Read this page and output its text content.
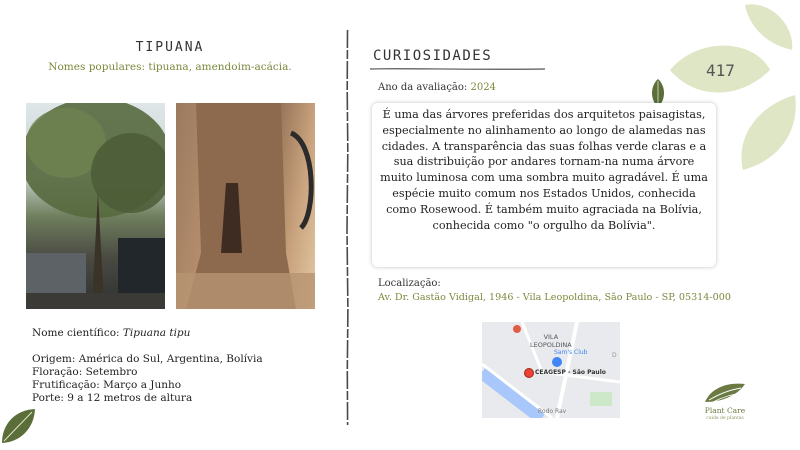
417
TIPUANA
Nomes populares: tipuana, amendoim-acácia.
Nome científico: Tipuana tipu
Origem: América do Sul, Argentina, Bolívia
Floração: Setembro
Frutificação: Março a Junho
Porte: 9 a 12 metros de altura
CURIOSIDADES
Ano da avaliação: 2024

É uma das árvores preferidas dos arquitetos paisagistas, especialmente no alinhamento ao longo de alamedas nas cidades. A transparência das suas folhas verde claras e a sua distribuição por andares tornam-na numa árvore muito luminosa com uma sombra muito agradável. É uma espécie muito comum nos Estados Unidos, conhecida como Rosewood. É também muito agraciada na Bolívia, conhecida como "o orgulho da Bolívia".

Localização:
Av. Dr. Gastão Vidigal, 1946 - Vila Leopoldina, São Paulo - SP, 05314-000
VILA
LEOPOLDINA
Sam's Club	D
CEAGESP - São Paulo
Rodo Rav	Plant Care
cuide de plantas
